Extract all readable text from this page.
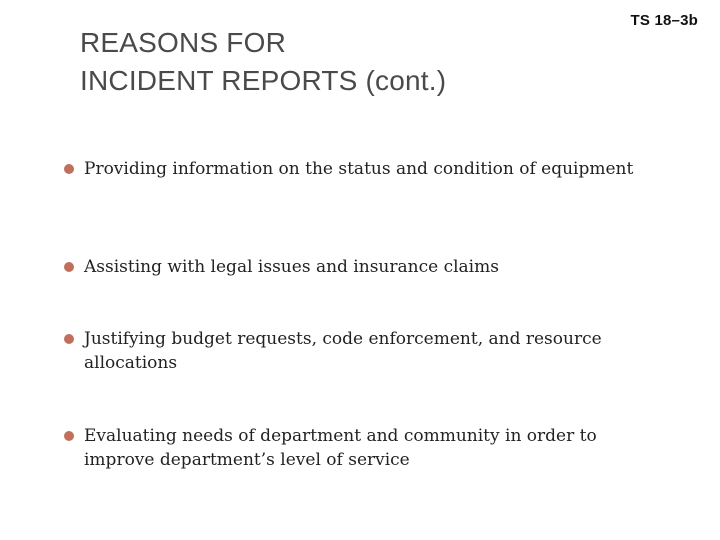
TS 18–3b
REASONS FOR
INCIDENT REPORTS (cont.)
Providing information on the status and condition of equipment
Assisting with legal issues and insurance claims
Justifying budget requests, code enforcement, and resource allocations
Evaluating needs of department and community in order to improve department’s level of service
